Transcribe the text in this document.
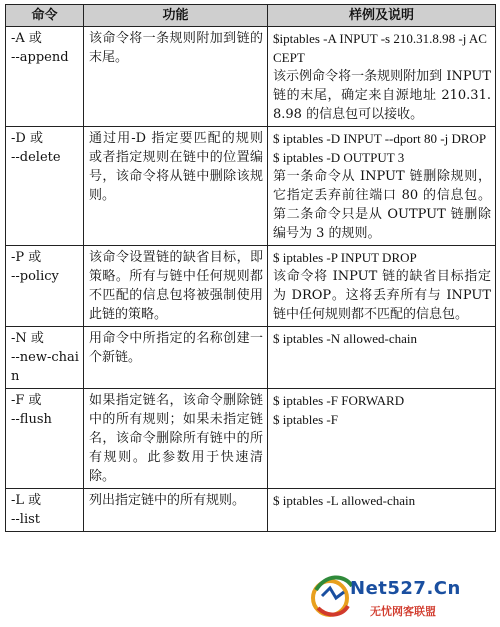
命令	功能	样例及说明

-A 或
--append	该命令将一条规则附加到链的末尾。	$iptables -A INPUT -s 210.31.8.98 -j ACCEPT
该示例命令将一条规则附加到 INPUT 链的末尾，确定来自源地址 210.31.8.98 的信息包可以接收。

-D 或
--delete	通过用-D 指定要匹配的规则或者指定规则在链中的位置编号，该命令将从链中删除该规则。	$ iptables -D INPUT --dport 80 -j DROP
$ iptables -D OUTPUT 3
第一条命令从 INPUT 链删除规则，它指定丢弃前往端口 80 的信息包。第二条命令只是从 OUTPUT 链删除编号为 3 的规则。

-P 或
--policy	该命令设置链的缺省目标，即策略。所有与链中任何规则都不匹配的信息包将被强制使用此链的策略。	$ iptables -P INPUT DROP
该命令将 INPUT 链的缺省目标指定为 DROP。这将丢弃所有与 INPUT 链中任何规则都不匹配的信息包。

-N 或
--new-chain	用命令中所指定的名称创建一个新链。	$ iptables -N allowed-chain

-F 或
--flush	如果指定链名，该命令删除链中的所有规则；如果未指定链名，该命令删除所有链中的所有规则。此参数用于快速清除。	$ iptables -F FORWARD
$ iptables -F

-L 或
--list	列出指定链中的所有规则。	$ iptables -L allowed-chain
Net527.Cn
无忧网客联盟
